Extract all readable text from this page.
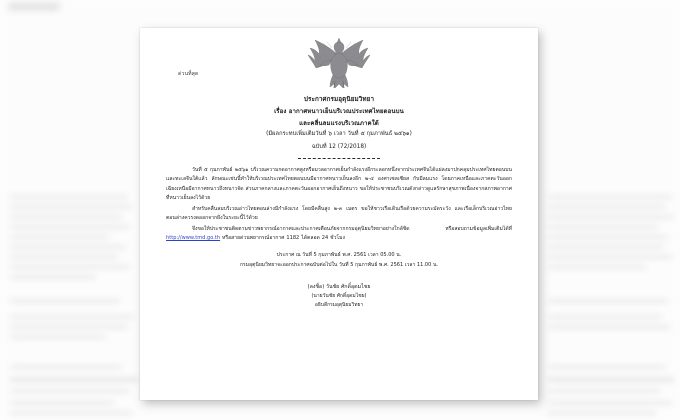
ด่วนที่สุด
ประกาศกรมอุตุนิยมวิทยา
เรื่อง อากาศหนาวเย็นบริเวณประเทศไทยตอนบน
และคลื่นลมแรงบริเวณภาคใต้
(มีผลกระทบเพิ่มเติมวันที่ ๖ เวลา วันที่ ๕ กุมภาพันธ์ ๒๕๖๑)
ฉบับที่ 12 (72/2018)

วันที่ ๕ กุมภาพันธ์ ๒๕๖๑ บริเวณความกดอากาศสูงหรือมวลอากาศเย็นกำลังแรงอีกระลอกหนึ่งจากประเทศจีนได้แผ่ลงมาปกคลุมประเทศไทยตอนบนและทะเลจีนใต้แล้ว ลักษณะเช่นนี้ทำให้บริเวณประเทศไทยตอนบนมีอากาศหนาวเย็นลงอีก ๒-๔ องศาเซลเซียส กับมีลมแรง โดยภาคเหนือและภาคตะวันออกเฉียงเหนือมีอากาศหนาวถึงหนาวจัด ส่วนภาคกลางและภาคตะวันออกอากาศเย็นถึงหนาว ขอให้ประชาชนบริเวณดังกล่าวดูแลรักษาสุขภาพเนื่องจากสภาพอากาศที่หนาวเย็นลงไว้ด้วย

สำหรับคลื่นลมบริเวณอ่าวไทยตอนล่างมีกำลังแรง โดยมีคลื่นสูง ๒-๓ เมตร ขอให้ชาวเรือเดินเรือด้วยความระมัดระวัง และเรือเล็กบริเวณอ่าวไทยตอนล่างควรงดออกจากฝั่งในระยะนี้ไว้ด้วย

จึงขอให้ประชาชนติดตามข่าวพยากรณ์อากาศและประกาศเตือนภัยจากกรมอุตุนิยมวิทยาอย่างใกล้ชิด หรือสอบถามข้อมูลเพิ่มเติมได้ที่ http://www.tmd.go.th หรือสายด่วนพยากรณ์อากาศ 1182 ได้ตลอด 24 ชั่วโมง

ประกาศ ณ วันที่ 5 กุมภาพันธ์ พ.ศ. 2561 เวลา 05.00 น.
กรมอุตุนิยมวิทยาจะออกประกาศฉบับต่อไปใน วันที่ 5 กุมภาพันธ์ พ.ศ. 2561 เวลา 11.00 น.
(ลงชื่อ) วันชัย ศักดิ์อุดมไชย
(นายวันชัย ศักดิ์อุดมไชย)
อธิบดีกรมอุตุนิยมวิทยา
